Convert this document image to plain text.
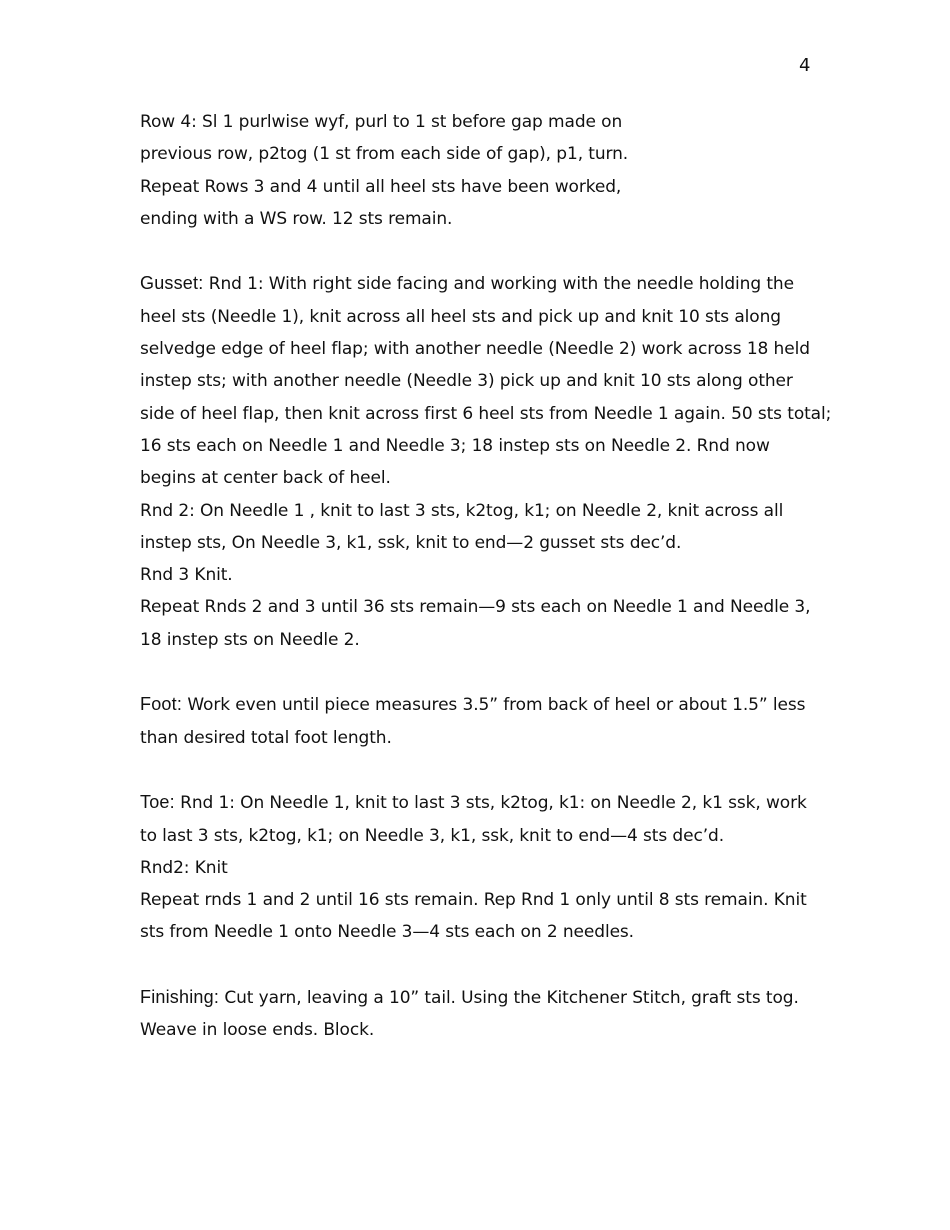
4

Row 4: Sl 1 purlwise wyf, purl to 1 st before gap made on
previous row, p2tog (1 st from each side of gap), p1, turn.
Repeat Rows 3 and 4 until all heel sts have been worked,
ending with a WS row. 12 sts remain.

Gusset: Rnd 1: With right side facing and working with the needle holding the
heel sts (Needle 1), knit across all heel sts and pick up and knit 10 sts along
selvedge edge of heel flap; with another needle (Needle 2) work across 18 held
instep sts; with another needle (Needle 3) pick up and knit 10 sts along other
side of heel flap, then knit across first 6 heel sts from Needle 1 again. 50 sts total;
16 sts each on Needle 1 and Needle 3; 18 instep sts on Needle 2. Rnd now
begins at center back of heel.
Rnd 2: On Needle 1 , knit to last 3 sts, k2tog, k1; on Needle 2, knit across all
instep sts, On Needle 3, k1, ssk, knit to end—2 gusset sts dec’d.
Rnd 3 Knit.
Repeat Rnds 2 and 3 until 36 sts remain—9 sts each on Needle 1 and Needle 3,
18 instep sts on Needle 2.

Foot: Work even until piece measures 3.5” from back of heel or about 1.5” less
than desired total foot length.

Toe: Rnd 1: On Needle 1, knit to last 3 sts, k2tog, k1: on Needle 2, k1 ssk, work
to last 3 sts, k2tog, k1; on Needle 3, k1, ssk, knit to end—4 sts dec’d.
Rnd2: Knit
Repeat rnds 1 and 2 until 16 sts remain. Rep Rnd 1 only until 8 sts remain. Knit
sts from Needle 1 onto Needle 3—4 sts each on 2 needles.

Finishing: Cut yarn, leaving a 10” tail. Using the Kitchener Stitch, graft sts tog.
Weave in loose ends. Block.
